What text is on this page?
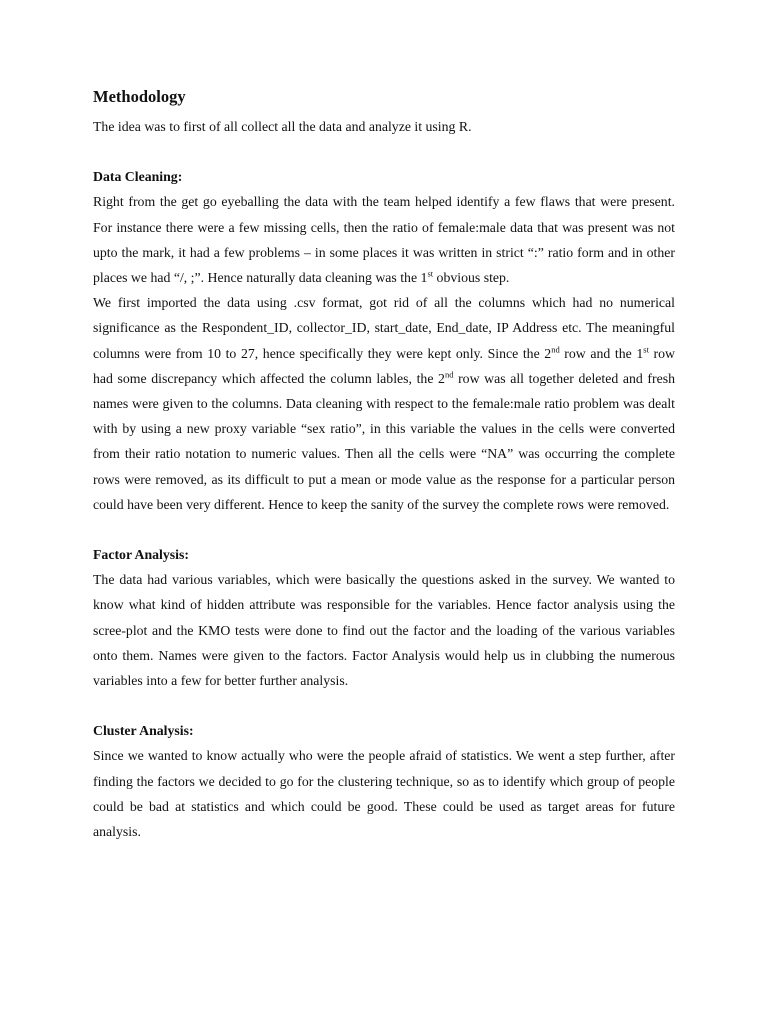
Methodology

The idea was to first of all collect all the data and analyze it using R.

Data Cleaning:

Right from the get go eyeballing the data with the team helped identify a few flaws that were present. For instance there were a few missing cells, then the ratio of female:male data that was present was not upto the mark, it had a few problems – in some places it was written in strict “:” ratio form and in other places we had “/, ;”. Hence naturally data cleaning was the 1st obvious step.

We first imported the data using .csv format, got rid of all the columns which had no numerical significance as the Respondent_ID, collector_ID, start_date, End_date, IP Address etc. The meaningful columns were from 10 to 27, hence specifically they were kept only. Since the 2nd row and the 1st row had some discrepancy which affected the column lables, the 2nd row was all together deleted and fresh names were given to the columns. Data cleaning with respect to the female:male ratio problem was dealt with by using a new proxy variable “sex ratio”, in this variable the values in the cells were converted from their ratio notation to numeric values. Then all the cells were “NA” was occurring the complete rows were removed, as its difficult to put a mean or mode value as the response for a particular person could have been very different. Hence to keep the sanity of the survey the complete rows were removed.

Factor Analysis:

The data had various variables, which were basically the questions asked in the survey. We wanted to know what kind of hidden attribute was responsible for the variables. Hence factor analysis using the scree-plot and the KMO tests were done to find out the factor and the loading of the various variables onto them. Names were given to the factors. Factor Analysis would help us in clubbing the numerous variables into a few for better further analysis.

Cluster Analysis:

Since we wanted to know actually who were the people afraid of statistics. We went a step further, after finding the factors we decided to go for the clustering technique, so as to identify which group of people could be bad at statistics and which could be good. These could be used as target areas for future analysis.
